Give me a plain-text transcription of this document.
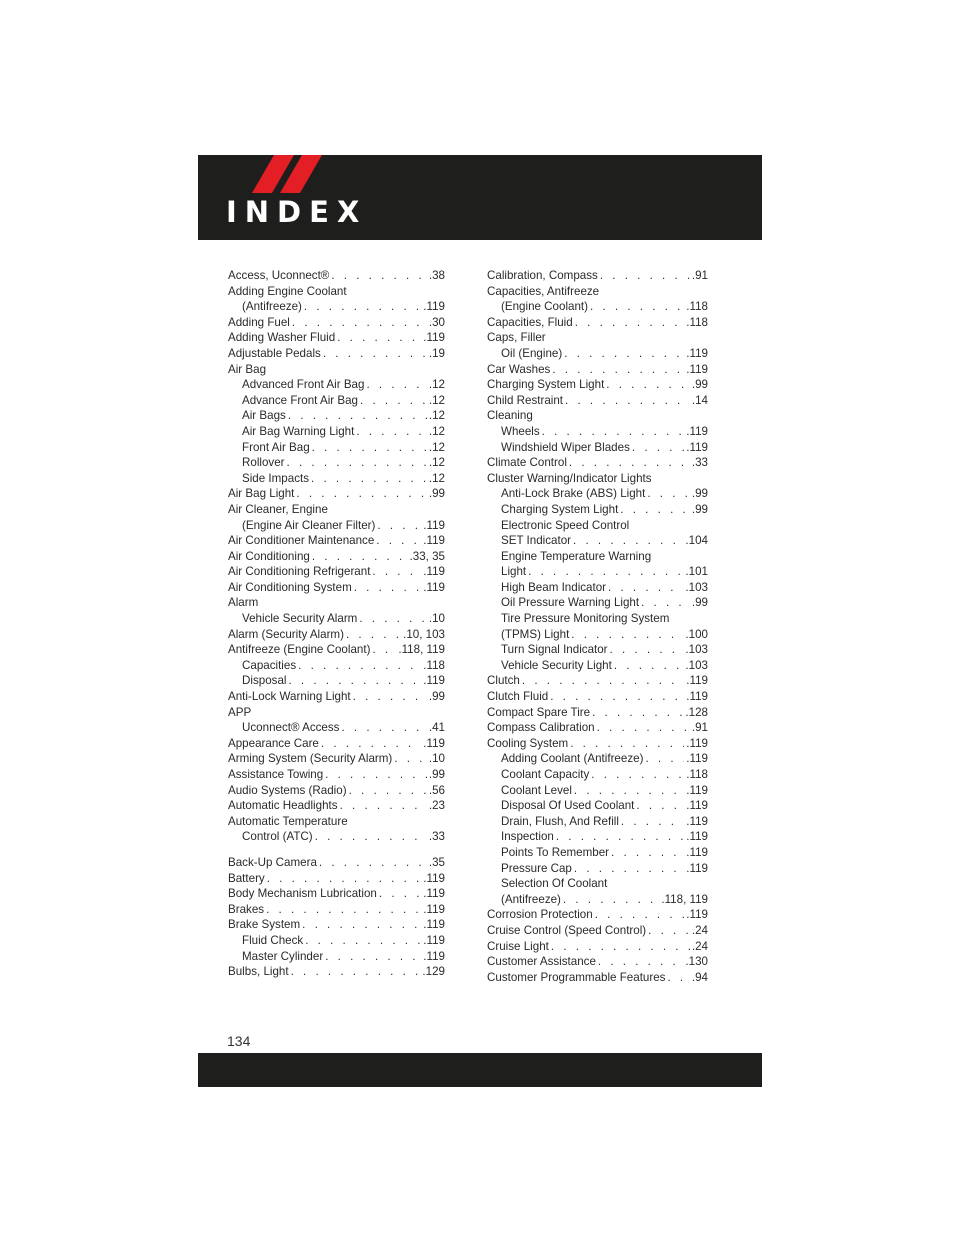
INDEX
Access, Uconnect® . . .	.38
Adding Engine Coolant
(Antifreeze) . . .	.119
Adding Fuel . . .	.30
Adding Washer Fluid . . .	.119
Adjustable Pedals . . .	.19
Air Bag
Advanced Front Air Bag . . .	.12
Advance Front Air Bag . . .	.12
Air Bags . . .	.12
Air Bag Warning Light . . .	.12
Front Air Bag . . .	.12
Rollover . . .	.12
Side Impacts . . .	.12
Air Bag Light . . .	.99
Air Cleaner, Engine
(Engine Air Cleaner Filter) . . .	.119
Air Conditioner Maintenance . . .	.119
Air Conditioning . . .	.33, 35
Air Conditioning Refrigerant . . .	.119
Air Conditioning System . . .	.119
Alarm
Vehicle Security Alarm . . .	.10
Alarm (Security Alarm) . . .	.10, 103
Antifreeze (Engine Coolant) . . . .118, 119
Capacities . . .	.118
Disposal . . .	.119
Anti-Lock Warning Light . . .	.99
APP
Uconnect® Access . . .	.41
Appearance Care . . .	.119
Arming System (Security Alarm) . . .	.10
Assistance Towing . . .	.99
Audio Systems (Radio) . . .	.56
Automatic Headlights . . .	.23
Automatic Temperature
Control (ATC) . . .	.33
Back-Up Camera . . .	.35
Battery . . .	.119
Body Mechanism Lubrication . . .	.119
Brakes . . .	.119
Brake System . . .	.119
Fluid Check . . .	.119
Master Cylinder . . .	.119
Bulbs, Light . . .	.129
Calibration, Compass . . .	.91
Capacities, Antifreeze
(Engine Coolant) . . .	.118
Capacities, Fluid . . .	.118
Caps, Filler
Oil (Engine) . . .	.119
Car Washes . . .	.119
Charging System Light . . .	.99
Child Restraint . . .	.14
Cleaning
Wheels . . .	.119
Windshield Wiper Blades . . .	.119
Climate Control . . .	.33
Cluster Warning/Indicator Lights
Anti-Lock Brake (ABS) Light . . .	.99
Charging System Light . . .	.99
Electronic Speed Control
SET Indicator . . .	.104
Engine Temperature Warning
Light . . .	.101
High Beam Indicator . . .	.103
Oil Pressure Warning Light . . .	.99
Tire Pressure Monitoring System
(TPMS) Light . . .	.100
Turn Signal Indicator . . .	.103
Vehicle Security Light . . .	.103
Clutch . . .	.119
Clutch Fluid . . .	.119
Compact Spare Tire . . .	.128
Compass Calibration . . .	.91
Cooling System . . .	.119
Adding Coolant (Antifreeze) . . .	.119
Coolant Capacity . . .	.118
Coolant Level . . .	.119
Disposal Of Used Coolant . . .	.119
Drain, Flush, And Refill . . .	.119
Inspection . . .	.119
Points To Remember . . .	.119
Pressure Cap . . .	.119
Selection Of Coolant
(Antifreeze) . . .	.118, 119
Corrosion Protection . . .	.119
Cruise Control (Speed Control) . . .	.24
Cruise Light . . .	.24
Customer Assistance . . .	.130
Customer Programmable Features . . . .94
134
